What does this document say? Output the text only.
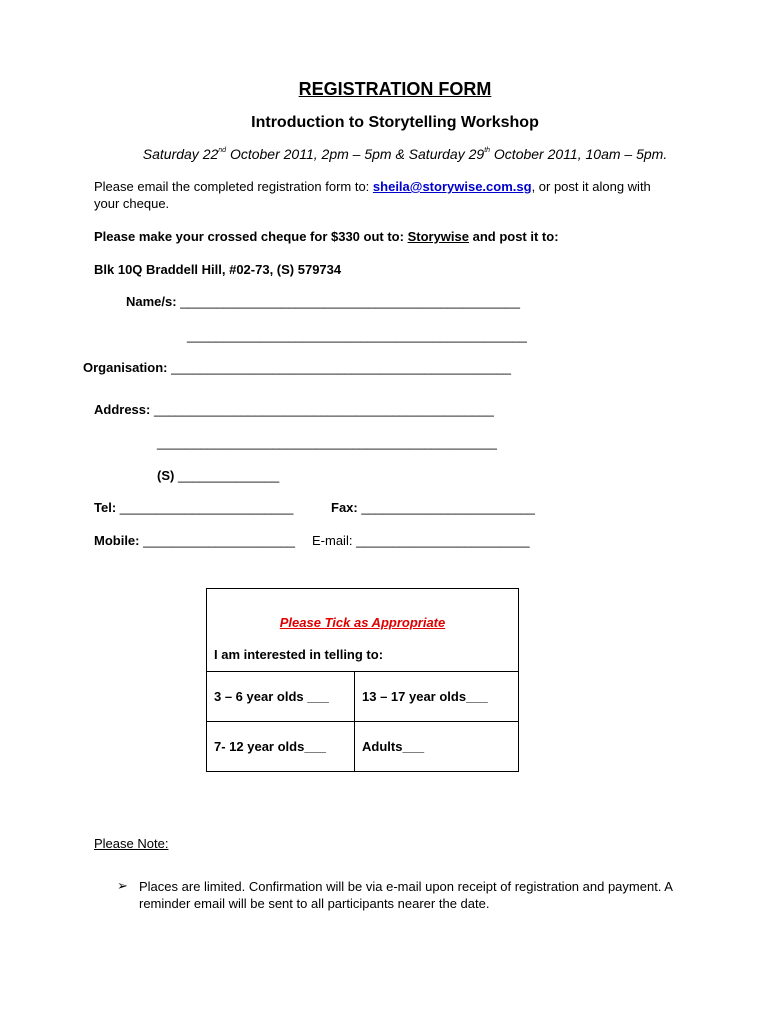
REGISTRATION FORM
Introduction to Storytelling Workshop
Saturday 22nd October 2011, 2pm – 5pm & Saturday 29th October 2011, 10am – 5pm.
Please email the completed registration form to: sheila@storywise.com.sg, or post it along with
your cheque.
Please make your crossed cheque for $330 out to: Storywise and post it to:
Blk 10Q Braddell Hill, #02-73, (S) 579734
Name/s: _______________________________________________
_______________________________________________
Organisation: _______________________________________________
Address: _______________________________________________
_______________________________________________
(S) ______________
Tel: ________________________	Fax: ________________________
Mobile: _____________________ E-mail: ________________________
Please Tick as Appropriate
I am interested in telling to:	

3 – 6 year olds ___	13 – 17 year olds___
7- 12 year olds___	Adults___
Please Note:
➢ Places are limited. Confirmation will be via e-mail upon receipt of registration and payment. A
reminder email will be sent to all participants nearer the date.
